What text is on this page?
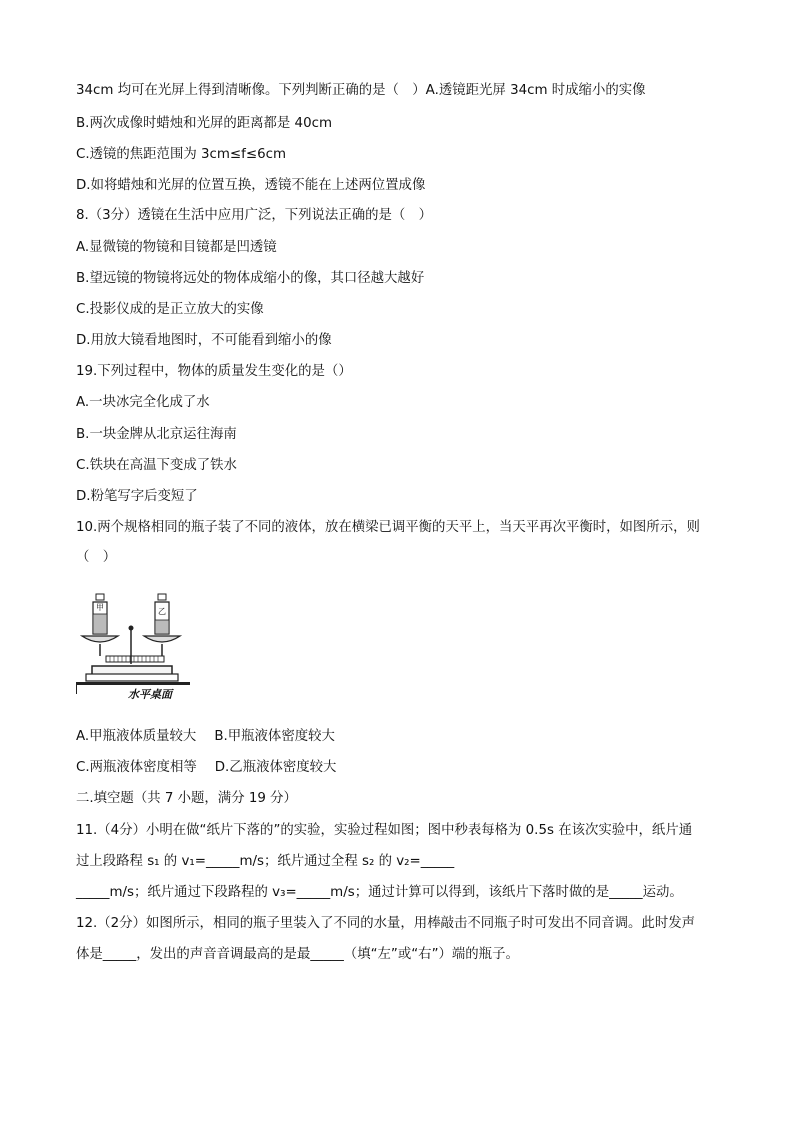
34cm 均可在光屏上得到清晰像。下列判断正确的是（　）A.透镜距光屏 34cm 时成缩小的实像
B.两次成像时蜡烛和光屏的距离都是 40cm
C.透镜的焦距范围为 3cm≤f≤6cm
D.如将蜡烛和光屏的位置互换，透镜不能在上述两位置成像
8.（3分）透镜在生活中应用广泛，下列说法正确的是（　）
A.显微镜的物镜和目镜都是凹透镜
B.望远镜的物镜将远处的物体成缩小的像，其口径越大越好
C.投影仪成的是正立放大的实像
D.用放大镜看地图时，不可能看到缩小的像
19.下列过程中，物体的质量发生变化的是（）
A.一块冰完全化成了水
B.一块金牌从北京运往海南
C.铁块在高温下变成了铁水
D.粉笔写字后变短了
10.两个规格相同的瓶子装了不同的液体，放在横梁已调平衡的天平上，当天平再次平衡时，如图所示，则
（　）
甲	乙
水平桌面
A.甲瓶液体质量较大 B.甲瓶液体密度较大
C.两瓶液体密度相等 D.乙瓶液体密度较大
二.填空题（共 7 小题，满分 19 分）
11.（4分）小明在做“纸片下落的”的实验，实验过程如图；图中秒表每格为 0.5s 在该次实验中，纸片通
过上段路程 s₁ 的 v₁=_____m/s；纸片通过全程 s₂ 的 v₂=_____
_____m/s；纸片通过下段路程的 v₃=_____m/s；通过计算可以得到，该纸片下落时做的是_____运动。
12.（2分）如图所示，相同的瓶子里装入了不同的水量，用棒敲击不同瓶子时可发出不同音调。此时发声
体是_____，发出的声音音调最高的是最_____（填“左”或“右”）端的瓶子。
